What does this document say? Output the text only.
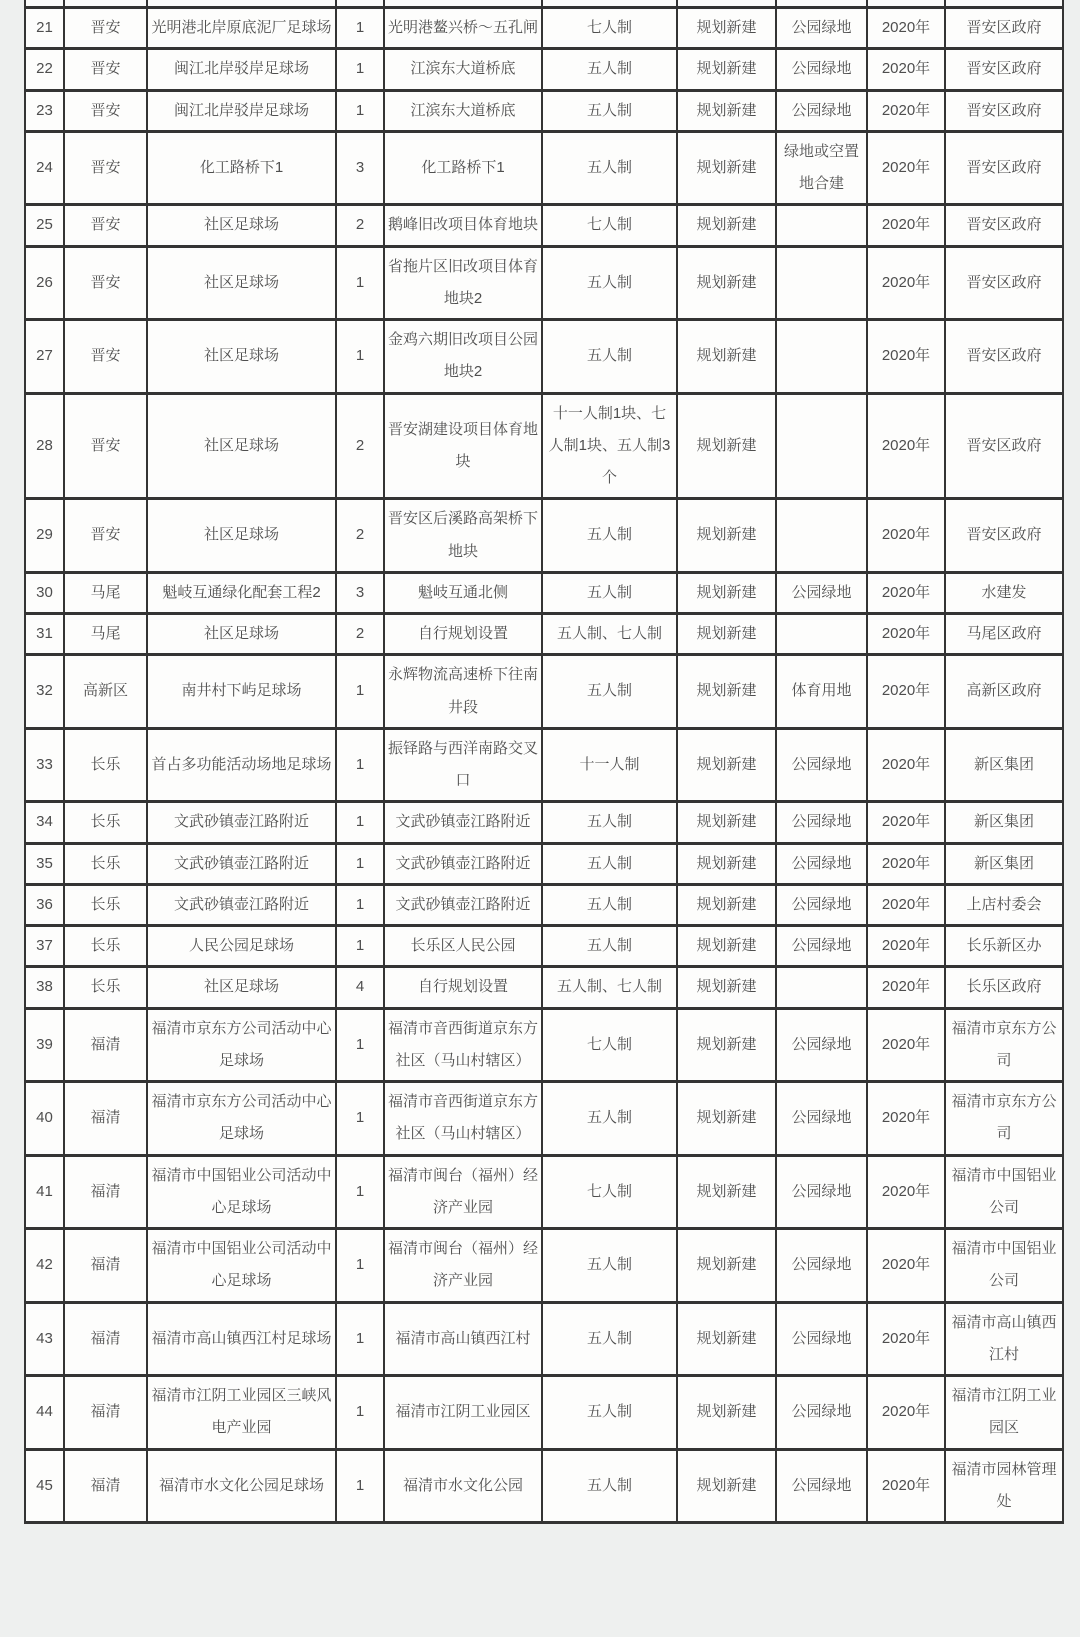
21	晋安	光明港北岸原底泥厂足球场	1	光明港鳌兴桥～五孔闸	七人制	规划新建	公园绿地	2020年	晋安区政府
22	晋安	闽江北岸驳岸足球场	1	江滨东大道桥底	五人制	规划新建	公园绿地	2020年	晋安区政府
23	晋安	闽江北岸驳岸足球场	1	江滨东大道桥底	五人制	规划新建	公园绿地	2020年	晋安区政府
24	晋安	化工路桥下1	3	化工路桥下1	五人制	规划新建	绿地或空置地合建	2020年	晋安区政府
25	晋安	社区足球场	2	鹅峰旧改项目体育地块	七人制	规划新建		2020年	晋安区政府
26	晋安	社区足球场	1	省拖片区旧改项目体育地块2	五人制	规划新建		2020年	晋安区政府
27	晋安	社区足球场	1	金鸡六期旧改项目公园地块2	五人制	规划新建		2020年	晋安区政府
28	晋安	社区足球场	2	晋安湖建设项目体育地块	十一人制1块、七人制1块、五人制3个	规划新建		2020年	晋安区政府
29	晋安	社区足球场	2	晋安区后溪路高架桥下地块	五人制	规划新建		2020年	晋安区政府
30	马尾	魁岐互通绿化配套工程2	3	魁岐互通北侧	五人制	规划新建	公园绿地	2020年	水建发
31	马尾	社区足球场	2	自行规划设置	五人制、七人制	规划新建		2020年	马尾区政府
32	高新区	南井村下屿足球场	1	永辉物流高速桥下往南井段	五人制	规划新建	体育用地	2020年	高新区政府
33	长乐	首占多功能活动场地足球场	1	振铎路与西洋南路交叉口	十一人制	规划新建	公园绿地	2020年	新区集团
34	长乐	文武砂镇壶江路附近	1	文武砂镇壶江路附近	五人制	规划新建	公园绿地	2020年	新区集团
35	长乐	文武砂镇壶江路附近	1	文武砂镇壶江路附近	五人制	规划新建	公园绿地	2020年	新区集团
36	长乐	文武砂镇壶江路附近	1	文武砂镇壶江路附近	五人制	规划新建	公园绿地	2020年	上店村委会
37	长乐	人民公园足球场	1	长乐区人民公园	五人制	规划新建	公园绿地	2020年	长乐新区办
38	长乐	社区足球场	4	自行规划设置	五人制、七人制	规划新建		2020年	长乐区政府
39	福清	福清市京东方公司活动中心足球场	1	福清市音西街道京东方社区（马山村辖区）	七人制	规划新建	公园绿地	2020年	福清市京东方公司
40	福清	福清市京东方公司活动中心足球场	1	福清市音西街道京东方社区（马山村辖区）	五人制	规划新建	公园绿地	2020年	福清市京东方公司
41	福清	福清市中国铝业公司活动中心足球场	1	福清市闽台（福州）经济产业园	七人制	规划新建	公园绿地	2020年	福清市中国铝业公司
42	福清	福清市中国铝业公司活动中心足球场	1	福清市闽台（福州）经济产业园	五人制	规划新建	公园绿地	2020年	福清市中国铝业公司
43	福清	福清市高山镇西江村足球场	1	福清市高山镇西江村	五人制	规划新建	公园绿地	2020年	福清市高山镇西江村
44	福清	福清市江阴工业园区三峡风电产业园	1	福清市江阴工业园区	五人制	规划新建	公园绿地	2020年	福清市江阴工业园区
45	福清	福清市水文化公园足球场	1	福清市水文化公园	五人制	规划新建	公园绿地	2020年	福清市园林管理处
